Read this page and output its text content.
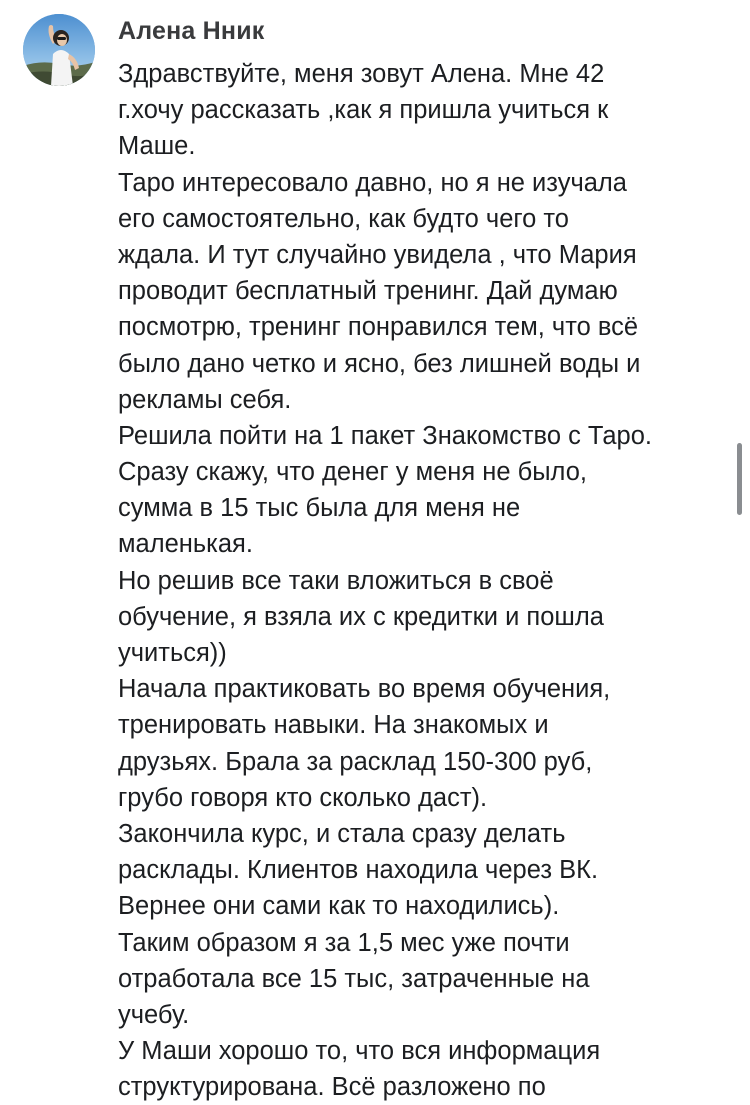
Алена Нник
Здравствуйте, меня зовут Алена. Мне 42
г.хочу рассказать ,как я пришла учиться к
Маше.
Таро интересовало давно, но я не изучала
его самостоятельно, как будто чего то
ждала. И тут случайно увидела , что Мария
проводит бесплатный тренинг. Дай думаю
посмотрю, тренинг понравился тем, что всё
было дано четко и ясно, без лишней воды и
рекламы себя.
Решила пойти на 1 пакет Знакомство с Таро.
Сразу скажу, что денег у меня не было,
сумма в 15 тыс была для меня не
маленькая.
Но решив все таки вложиться в своё
обучение, я взяла их с кредитки и пошла
учиться))
Начала практиковать во время обучения,
тренировать навыки. На знакомых и
друзьях. Брала за расклад 150-300 руб,
грубо говоря кто сколько даст).
Закончила курс, и стала сразу делать
расклады. Клиентов находила через ВК.
Вернее они сами как то находились).
Таким образом я за 1,5 мес уже почти
отработала все 15 тыс, затраченные на
учебу.
У Маши хорошо то, что вся информация
структурирована. Всё разложено по
